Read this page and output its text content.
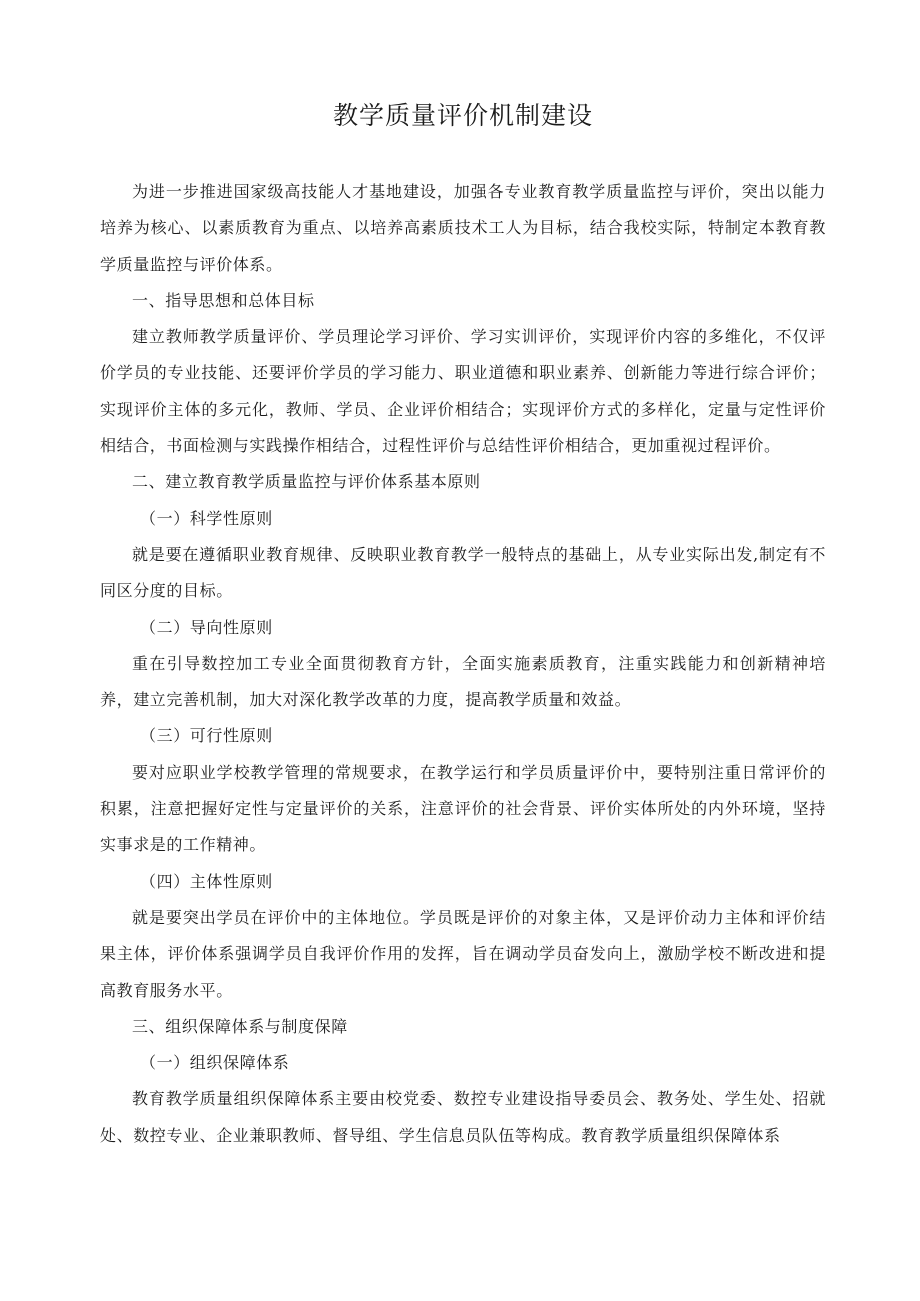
教学质量评价机制建设

为进一步推进国家级高技能人才基地建设，加强各专业教育教学质量监控与评价，突出以能力培养为核心、以素质教育为重点、以培养高素质技术工人为目标，结合我校实际，特制定本教育教学质量监控与评价体系。

一、指导思想和总体目标

建立教师教学质量评价、学员理论学习评价、学习实训评价，实现评价内容的多维化，不仅评价学员的专业技能、还要评价学员的学习能力、职业道德和职业素养、创新能力等进行综合评价；实现评价主体的多元化，教师、学员、企业评价相结合；实现评价方式的多样化，定量与定性评价相结合，书面检测与实践操作相结合，过程性评价与总结性评价相结合，更加重视过程评价。

二、建立教育教学质量监控与评价体系基本原则

（一）科学性原则

就是要在遵循职业教育规律、反映职业教育教学一般特点的基础上，从专业实际出发,制定有不同区分度的目标。

（二）导向性原则

重在引导数控加工专业全面贯彻教育方针，全面实施素质教育，注重实践能力和创新精神培养，建立完善机制，加大对深化教学改革的力度，提高教学质量和效益。

（三）可行性原则

要对应职业学校教学管理的常规要求，在教学运行和学员质量评价中，要特别注重日常评价的积累，注意把握好定性与定量评价的关系，注意评价的社会背景、评价实体所处的内外环境，坚持实事求是的工作精神。

（四）主体性原则

就是要突出学员在评价中的主体地位。学员既是评价的对象主体，又是评价动力主体和评价结果主体，评价体系强调学员自我评价作用的发挥，旨在调动学员奋发向上，激励学校不断改进和提高教育服务水平。

三、组织保障体系与制度保障

（一）组织保障体系

教育教学质量组织保障体系主要由校党委、数控专业建设指导委员会、教务处、学生处、招就处、数控专业、企业兼职教师、督导组、学生信息员队伍等构成。教育教学质量组织保障体系
